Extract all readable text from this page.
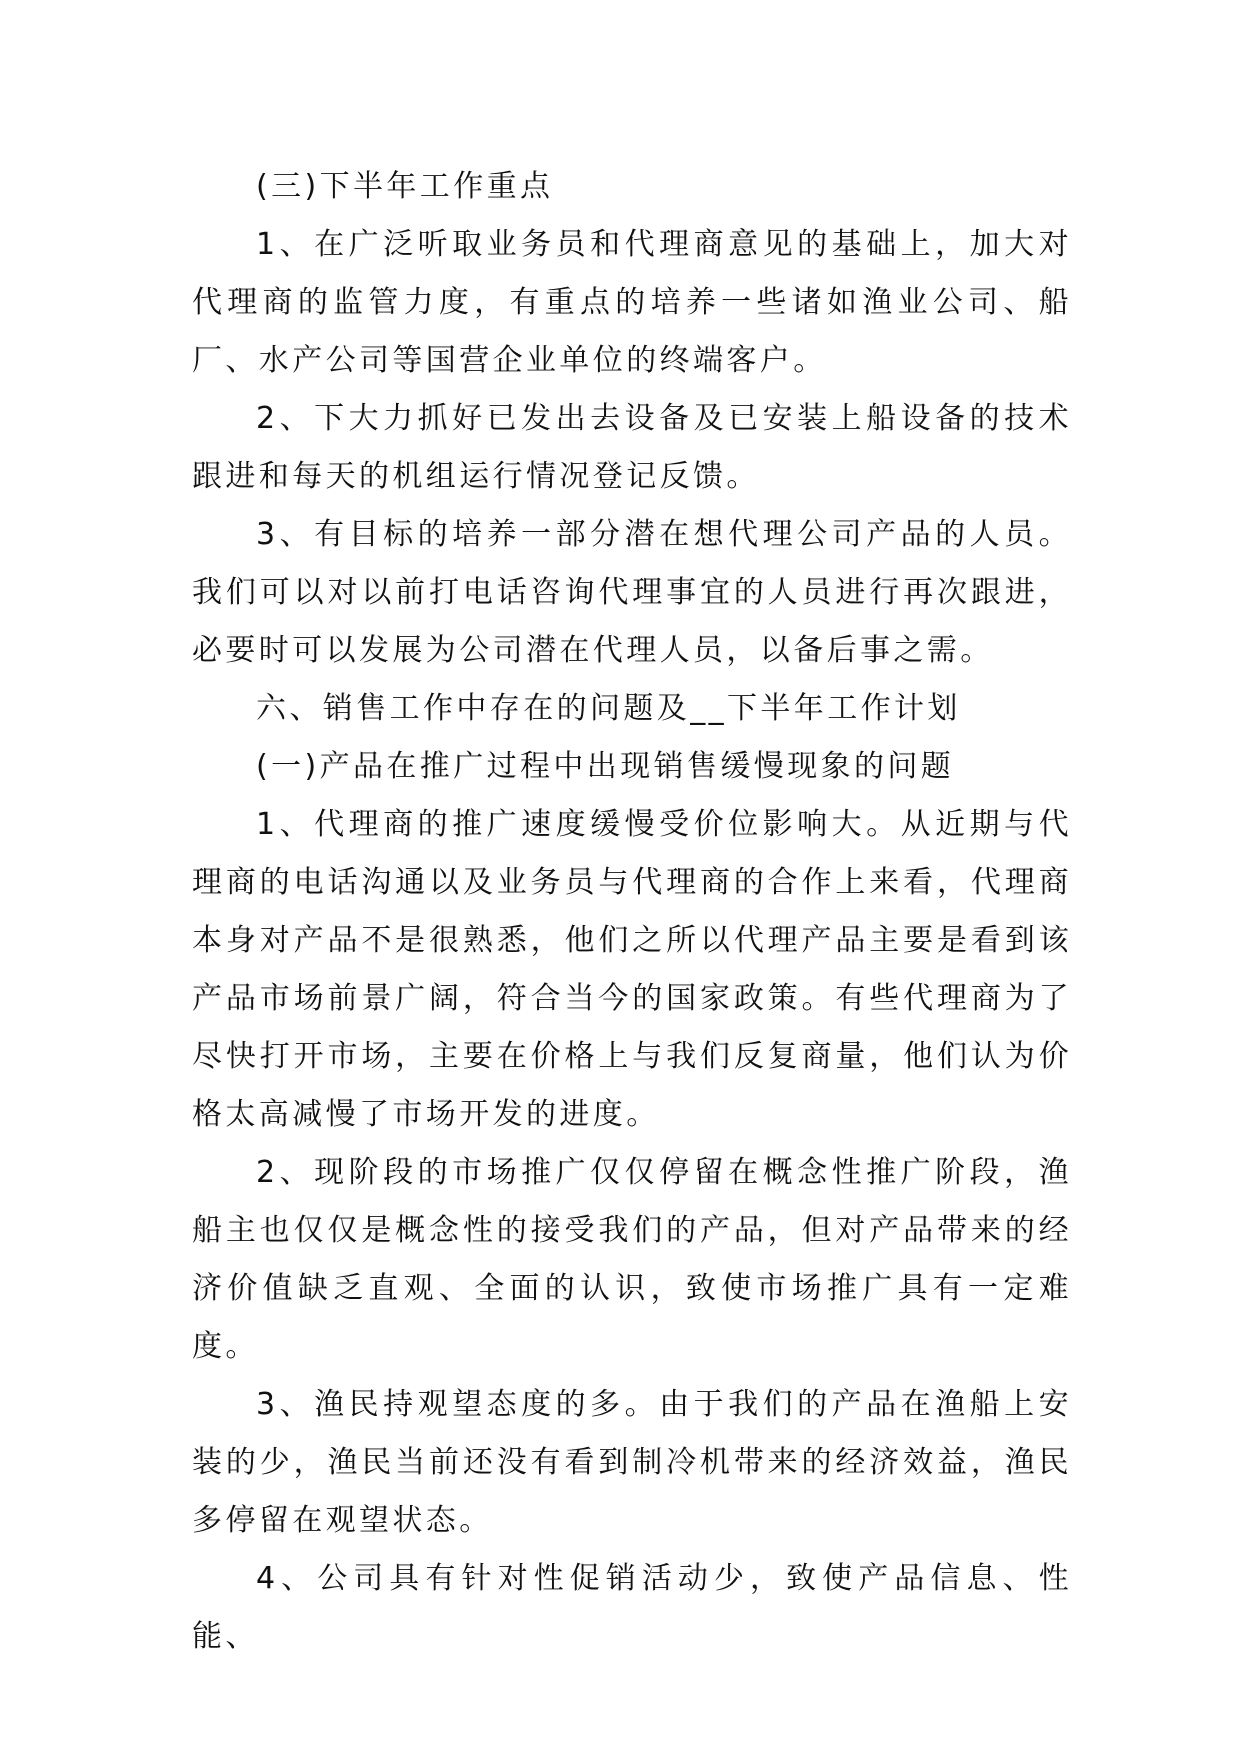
(三)下半年工作重点

1、在广泛听取业务员和代理商意见的基础上，加大对代理商的监管力度，有重点的培养一些诸如渔业公司、船厂、水产公司等国营企业单位的终端客户。

2、下大力抓好已发出去设备及已安装上船设备的技术跟进和每天的机组运行情况登记反馈。

3、有目标的培养一部分潜在想代理公司产品的人员。我们可以对以前打电话咨询代理事宜的人员进行再次跟进，必要时可以发展为公司潜在代理人员，以备后事之需。

六、销售工作中存在的问题及__下半年工作计划

(一)产品在推广过程中出现销售缓慢现象的问题

1、代理商的推广速度缓慢受价位影响大。从近期与代理商的电话沟通以及业务员与代理商的合作上来看，代理商本身对产品不是很熟悉，他们之所以代理产品主要是看到该产品市场前景广阔，符合当今的国家政策。有些代理商为了尽快打开市场，主要在价格上与我们反复商量，他们认为价格太高减慢了市场开发的进度。

2、现阶段的市场推广仅仅停留在概念性推广阶段，渔船主也仅仅是概念性的接受我们的产品，但对产品带来的经济价值缺乏直观、全面的认识，致使市场推广具有一定难度。

3、渔民持观望态度的多。由于我们的产品在渔船上安装的少，渔民当前还没有看到制冷机带来的经济效益，渔民多停留在观望状态。

4、公司具有针对性促销活动少，致使产品信息、性能、
